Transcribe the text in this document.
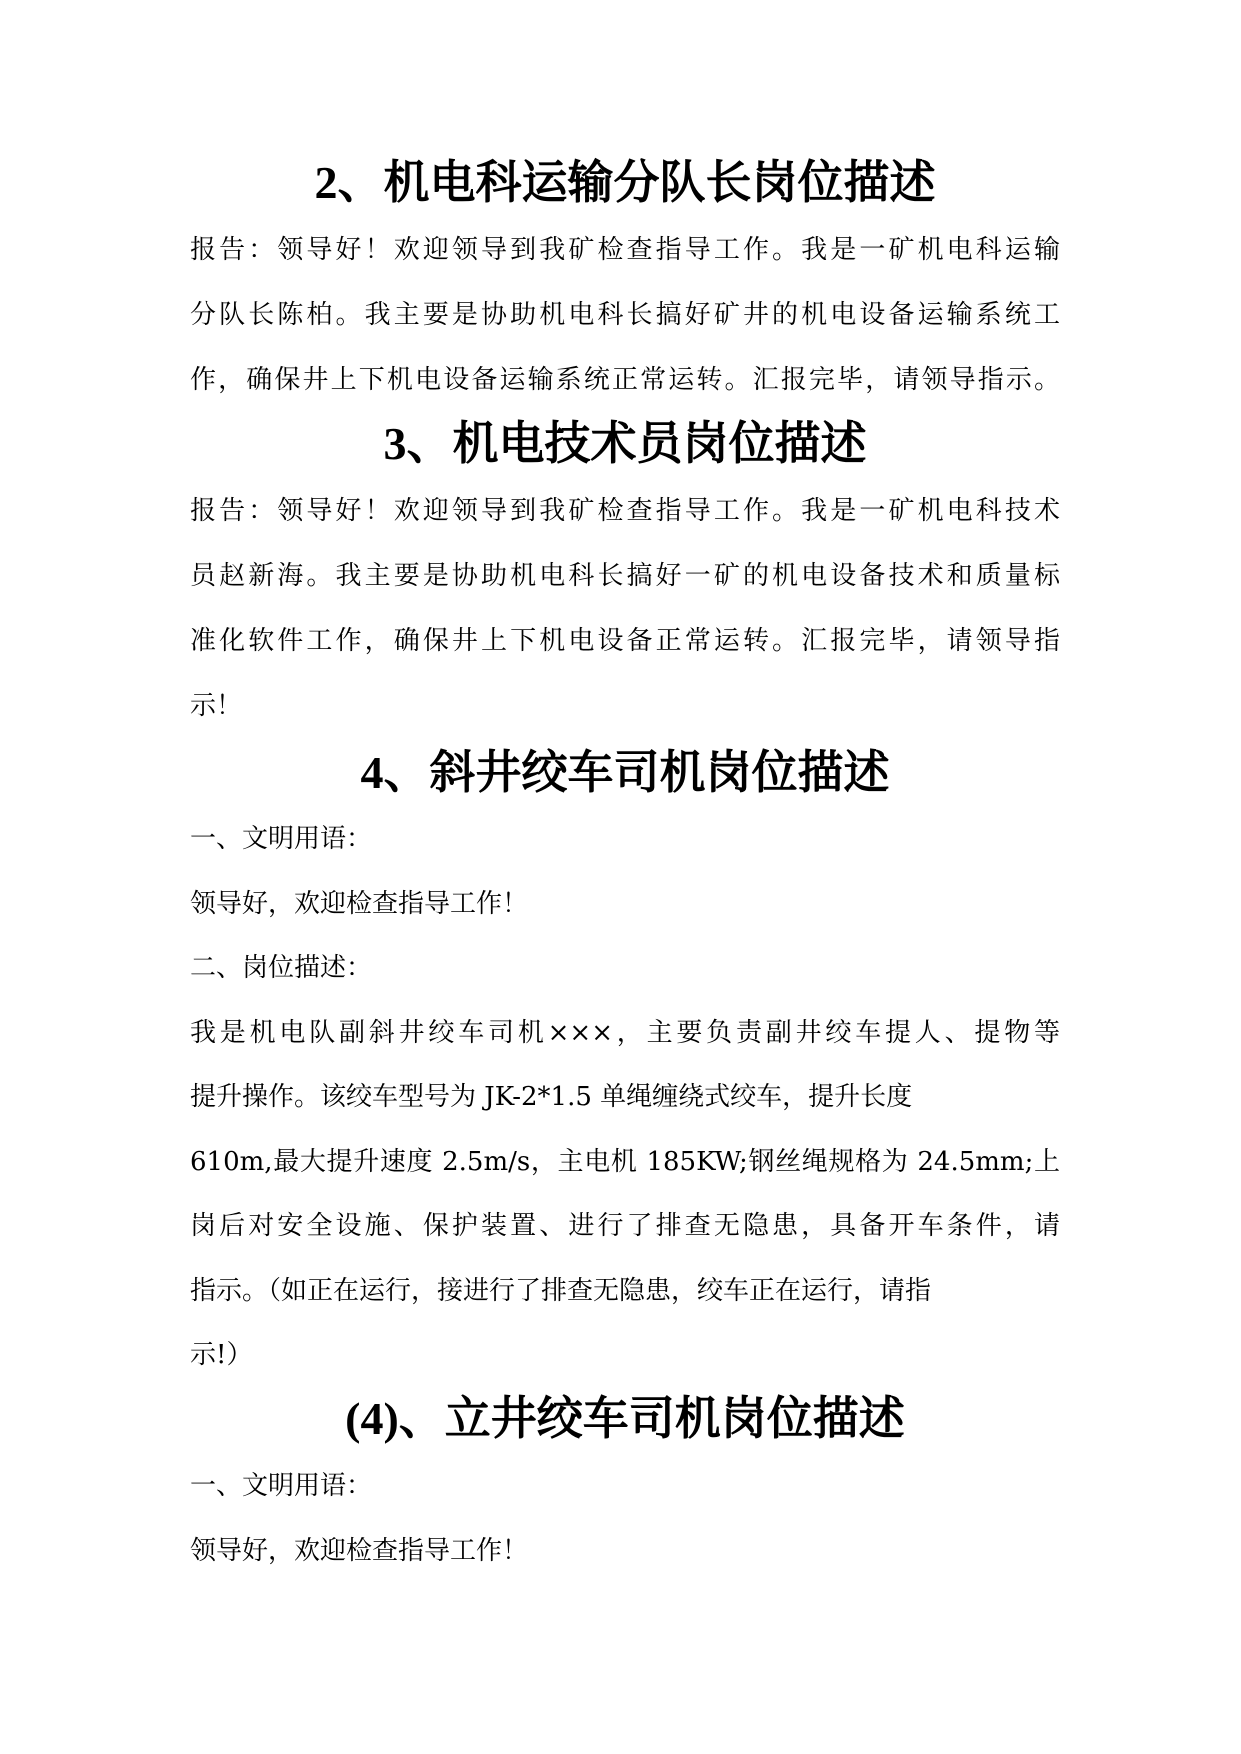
2、机电科运输分队长岗位描述

报告：领导好！欢迎领导到我矿检查指导工作。我是一矿机电科运输

分队长陈柏。我主要是协助机电科长搞好矿井的机电设备运输系统工

作，确保井上下机电设备运输系统正常运转。汇报完毕，请领导指示。

3、机电技术员岗位描述

报告：领导好！欢迎领导到我矿检查指导工作。我是一矿机电科技术

员赵新海。我主要是协助机电科长搞好一矿的机电设备技术和质量标

准化软件工作，确保井上下机电设备正常运转。汇报完毕，请领导指

示！

4、斜井绞车司机岗位描述

一、文明用语：

领导好，欢迎检查指导工作！

二、岗位描述：

我是机电队副斜井绞车司机×××，主要负责副井绞车提人、提物等

提升操作。该绞车型号为 JK-2*1.5 单绳缠绕式绞车，提升长度

610m,最大提升速度 2.5m/s，主电机 185KW;钢丝绳规格为 24.5mm;上

岗后对安全设施、保护装置、进行了排查无隐患，具备开车条件，请

指示。（如正在运行，接进行了排查无隐患，绞车正在运行，请指

示!）

(4)、立井绞车司机岗位描述

一、文明用语：

领导好，欢迎检查指导工作！
